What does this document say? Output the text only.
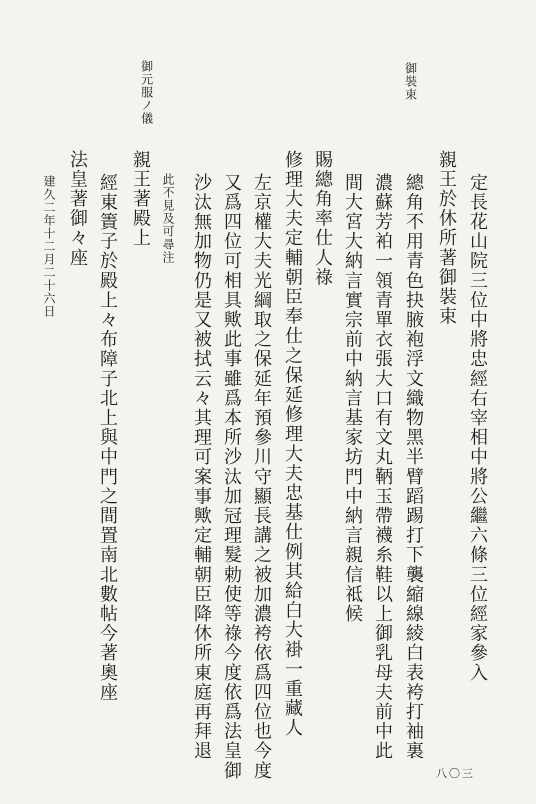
御裝束
御元服ノ儀
定長花山院三位中將忠經右宰相中將公繼六條三位經家參入
親王於休所著御裝束
總角不用青色抉腋袍浮文織物黑半臂蹈踢打下襲縮線綾白表袴打袖裏
濃蘇芳袙一領青單衣張大口有文丸鞆玉帶襪糸鞋以上御乳母夫前中此
間大宮大納言實宗前中納言基家坊門中納言親信祗候
賜總角率仕人祿
修理大夫定輔朝臣奉仕之保延修理大夫忠基仕例其給白大褂一重藏人
左京權大夫光綱取之保延年預參川守顯長講之被加濃袴依爲四位也今度
又爲四位可相具歟此事雖爲本所沙汰加冠理髮勅使等祿今度依爲法皇御
沙汰無加物仍是又被拭云々其理可案事歟定輔朝臣降休所東庭再拜退
此不見及可尋注
親王著殿上
經東簀子於殿上々布障子北上與中門之間置南北數帖今著奧座
法皇著御々座
建久二年十二月二十六日
八〇三
